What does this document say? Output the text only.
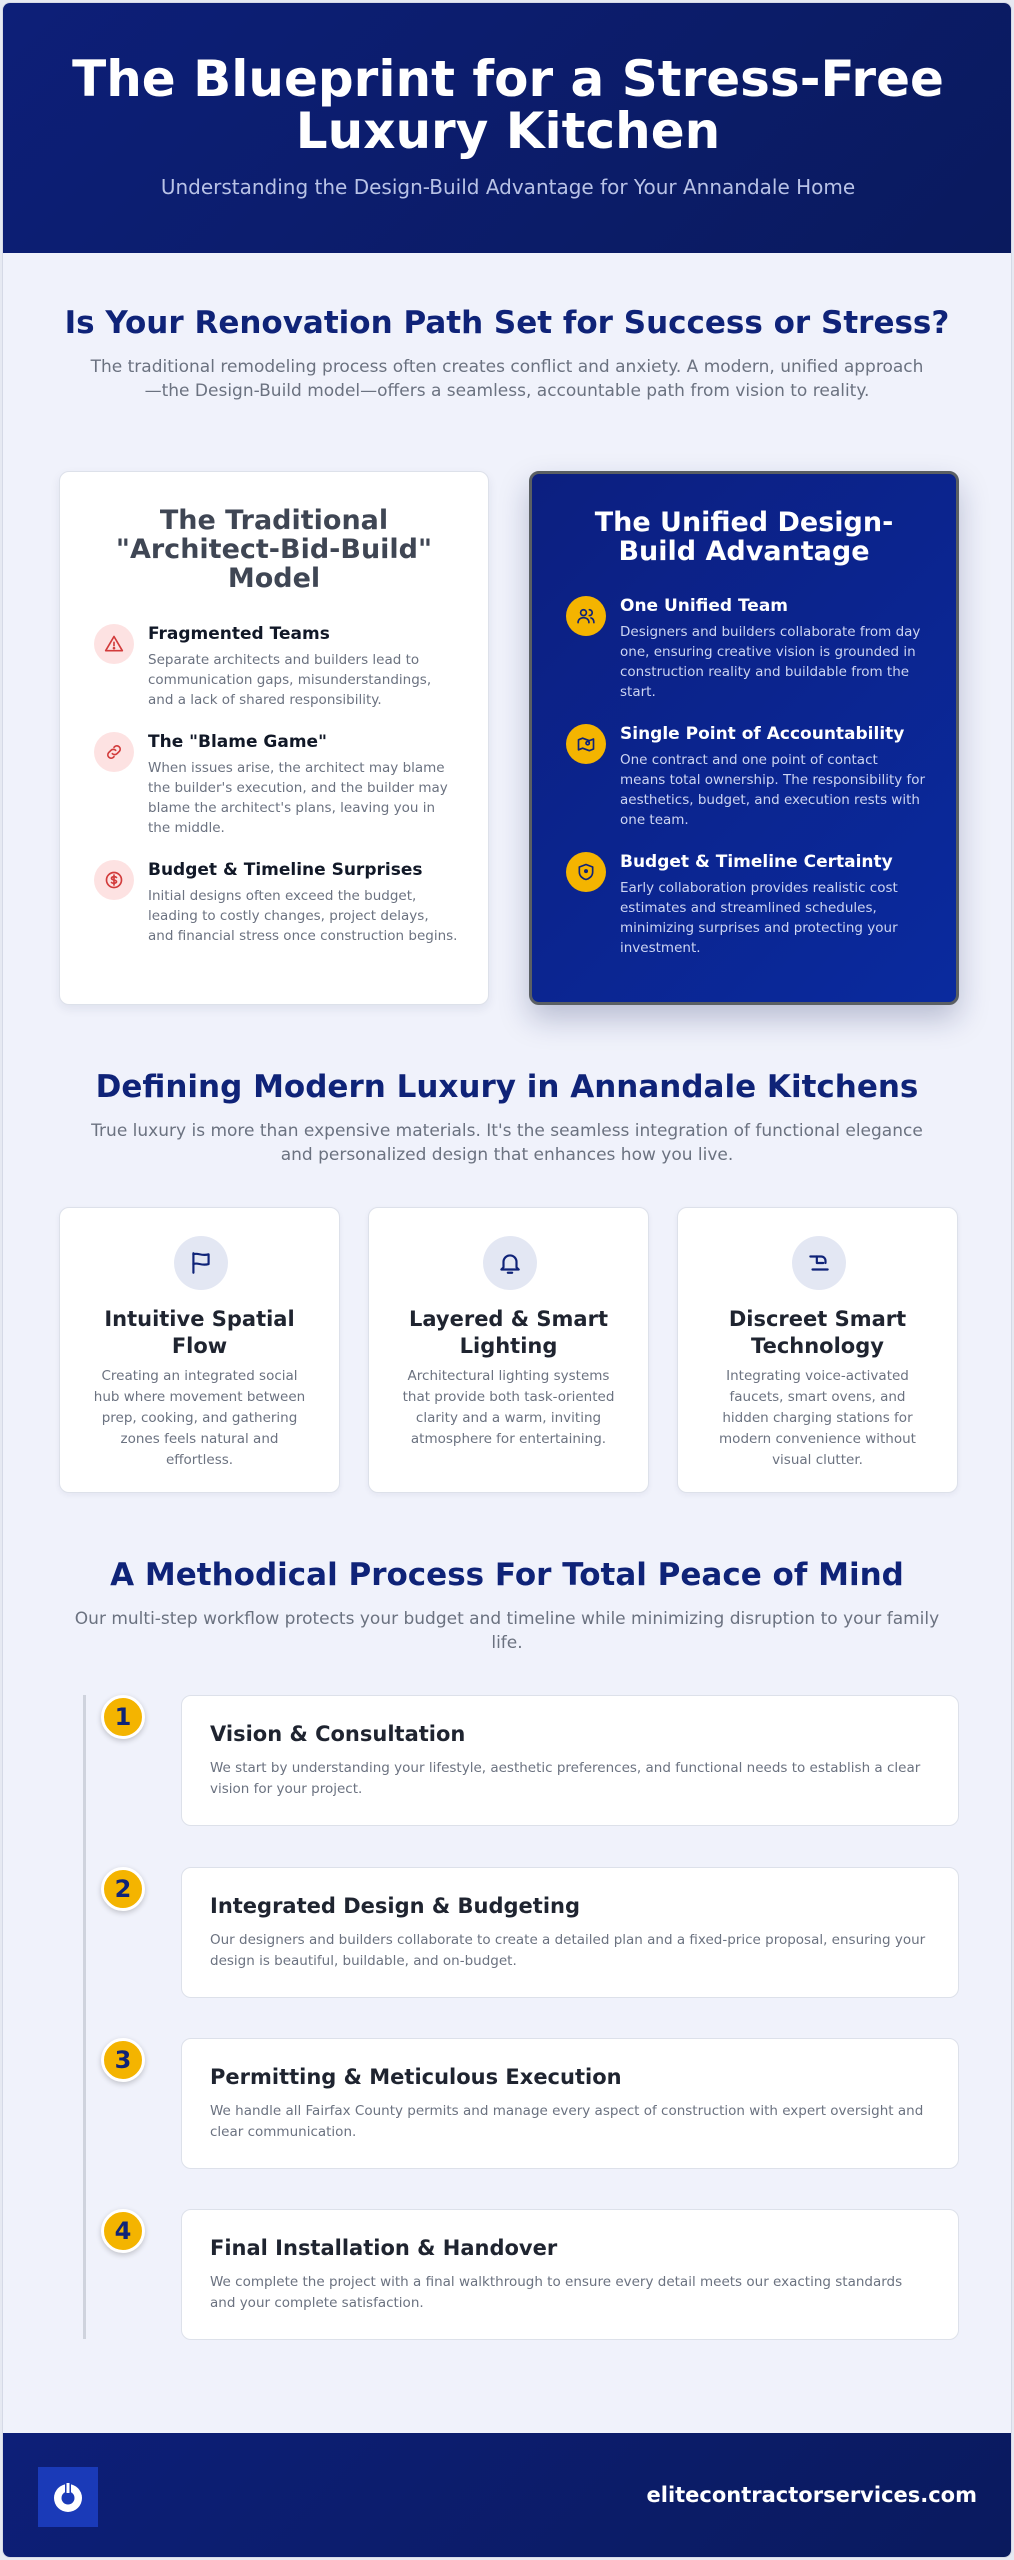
The Blueprint for a Stress-Free Luxury Kitchen

Understanding the Design-Build Advantage for Your Annandale Home

Is Your Renovation Path Set for Success or Stress?
The traditional remodeling process often creates conflict and anxiety. A modern, unified approach—the Design-Build model—offers a seamless, accountable path from vision to reality.
The Traditional "Architect-Bid-Build" Model
Fragmented Teams
Separate architects and builders lead to communication gaps, misunderstandings, and a lack of shared responsibility.
The "Blame Game"
When issues arise, the architect may blame the builder's execution, and the builder may blame the architect's plans, leaving you in the middle.
Budget & Timeline Surprises
Initial designs often exceed the budget, leading to costly changes, project delays, and financial stress once construction begins.
The Unified Design-Build Advantage
One Unified Team
Designers and builders collaborate from day one, ensuring creative vision is grounded in construction reality and buildable from the start.
Single Point of Accountability
One contract and one point of contact means total ownership. The responsibility for aesthetics, budget, and execution rests with one team.
Budget & Timeline Certainty
Early collaboration provides realistic cost estimates and streamlined schedules, minimizing surprises and protecting your investment.
Defining Modern Luxury in Annandale Kitchens
True luxury is more than expensive materials. It's the seamless integration of functional elegance and personalized design that enhances how you live.
Intuitive Spatial Flow
Creating an integrated social hub where movement between prep, cooking, and gathering zones feels natural and effortless.
Layered & Smart Lighting
Architectural lighting systems that provide both task-oriented clarity and a warm, inviting atmosphere for entertaining.
Discreet Smart Technology
Integrating voice-activated faucets, smart ovens, and hidden charging stations for modern convenience without visual clutter.
A Methodical Process For Total Peace of Mind
Our multi-step workflow protects your budget and timeline while minimizing disruption to your family life.
1
Vision & Consultation
We start by understanding your lifestyle, aesthetic preferences, and functional needs to establish a clear vision for your project.
2
Integrated Design & Budgeting
Our designers and builders collaborate to create a detailed plan and a fixed-price proposal, ensuring your design is beautiful, buildable, and on-budget.
3
Permitting & Meticulous Execution
We handle all Fairfax County permits and manage every aspect of construction with expert oversight and clear communication.
4
Final Installation & Handover
We complete the project with a final walkthrough to ensure every detail meets our exacting standards and your complete satisfaction.
elitecontractorservices.com
